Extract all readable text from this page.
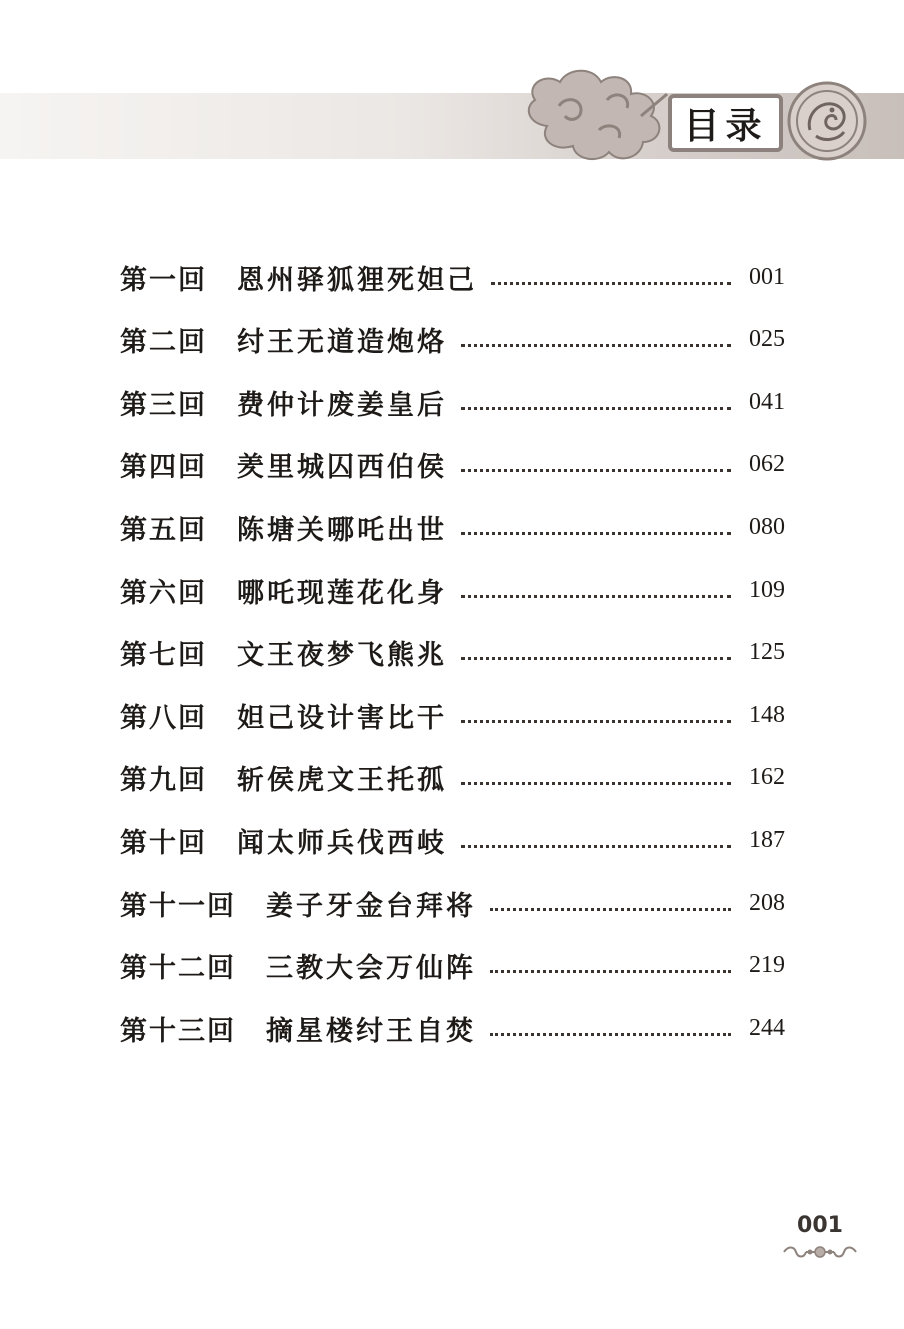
目录
第一回 恩州驿狐狸死妲己	001
第二回 纣王无道造炮烙	025
第三回 费仲计废姜皇后	041
第四回 羑里城囚西伯侯	062
第五回 陈塘关哪吒出世	080
第六回 哪吒现莲花化身	109
第七回 文王夜梦飞熊兆	125
第八回 妲己设计害比干	148
第九回 斩侯虎文王托孤	162
第十回 闻太师兵伐西岐	187
第十一回 姜子牙金台拜将	208
第十二回 三教大会万仙阵	219
第十三回 摘星楼纣王自焚	244
001
